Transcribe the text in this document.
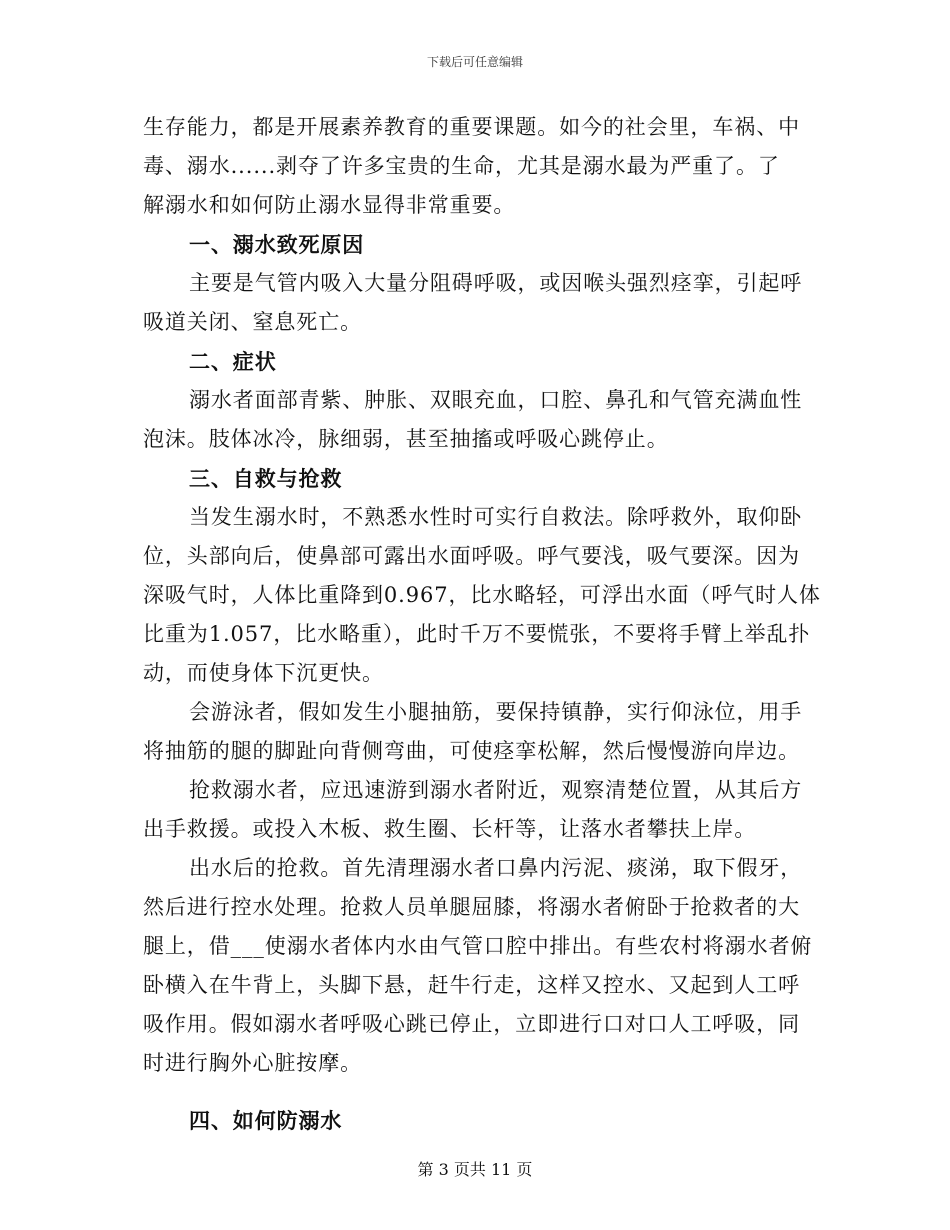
下载后可任意编辑
生存能力，都是开展素养教育的重要课题。如今的社会里，车祸、中
毒、溺水......剥夺了许多宝贵的生命，尤其是溺水最为严重了。了
解溺水和如何防止溺水显得非常重要。
一、溺水致死原因
主要是气管内吸入大量分阻碍呼吸，或因喉头强烈痉挛，引起呼
吸道关闭、窒息死亡。
二、症状
溺水者面部青紫、肿胀、双眼充血，口腔、鼻孔和气管充满血性
泡沫。肢体冰冷，脉细弱，甚至抽搐或呼吸心跳停止。
三、自救与抢救
当发生溺水时，不熟悉水性时可实行自救法。除呼救外，取仰卧
位，头部向后，使鼻部可露出水面呼吸。呼气要浅，吸气要深。因为
深吸气时，人体比重降到0.967，比水略轻，可浮出水面（呼气时人体
比重为1.057，比水略重），此时千万不要慌张，不要将手臂上举乱扑
动，而使身体下沉更快。
会游泳者，假如发生小腿抽筋，要保持镇静，实行仰泳位，用手
将抽筋的腿的脚趾向背侧弯曲，可使痉挛松解，然后慢慢游向岸边。
抢救溺水者，应迅速游到溺水者附近，观察清楚位置，从其后方
出手救援。或投入木板、救生圈、长杆等，让落水者攀扶上岸。
出水后的抢救。首先清理溺水者口鼻内污泥、痰涕，取下假牙，
然后进行控水处理。抢救人员单腿屈膝，将溺水者俯卧于抢救者的大
腿上，借___使溺水者体内水由气管口腔中排出。有些农村将溺水者俯
卧横入在牛背上，头脚下悬，赶牛行走，这样又控水、又起到人工呼
吸作用。假如溺水者呼吸心跳已停止，立即进行口对口人工呼吸，同
时进行胸外心脏按摩。
四、如何防溺水
第 3 页共 11 页
